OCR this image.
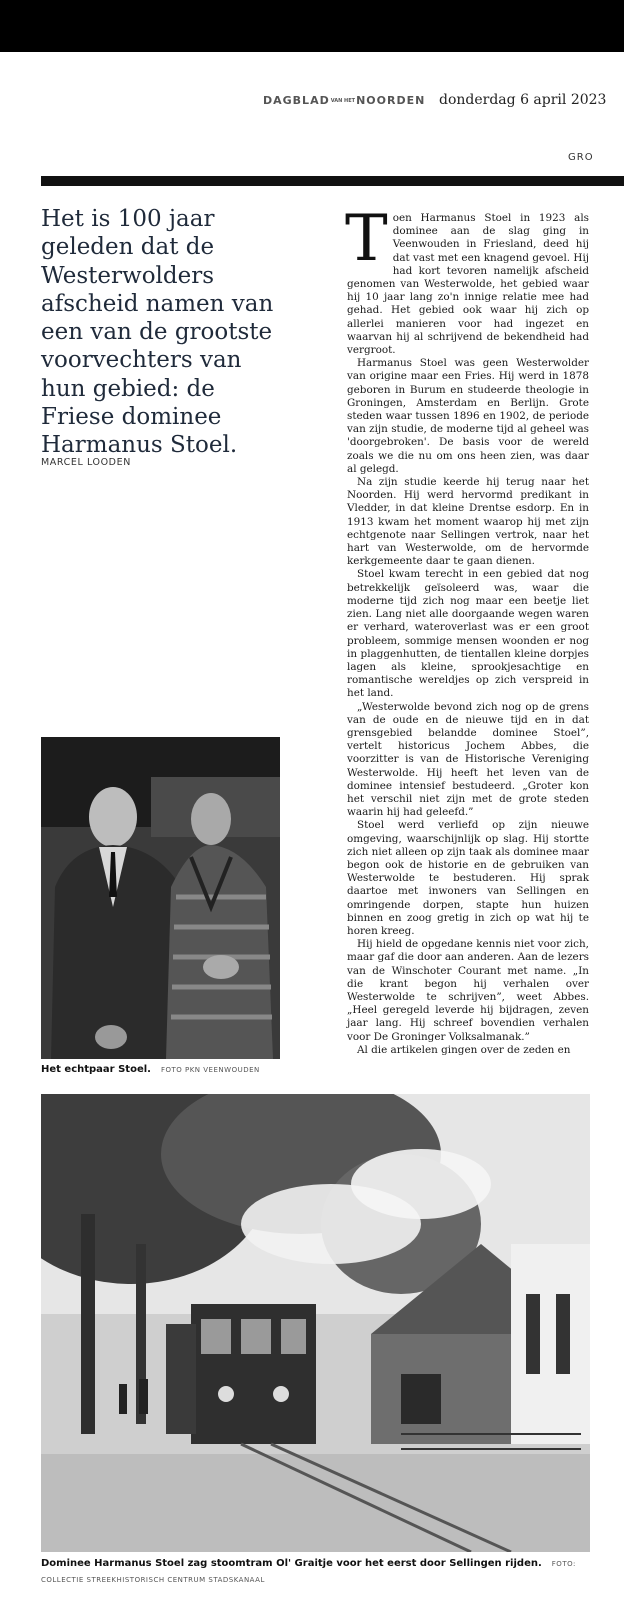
DAGBLADVAN HETNOORDEN donderdag 6 april 2023
GRO
Het is 100 jaar geleden dat de Westerwolders afscheid namen van een van de grootste voorvechters van hun gebied: de Friese dominee Harmanus Stoel.
MARCEL LOODEN

Toen Harmanus Stoel in 1923 als dominee aan de slag ging in Veenwouden in Friesland, deed hij dat vast met een knagend gevoel. Hij had kort tevoren namelijk afscheid genomen van Westerwolde, het gebied waar hij 10 jaar lang zo'n innige relatie mee had gehad. Het gebied ook waar hij zich op allerlei manieren voor had ingezet en waarvan hij al schrijvend de bekendheid had vergroot.

Harmanus Stoel was geen Westerwolder van origine maar een Fries. Hij werd in 1878 geboren in Burum en studeerde theologie in Groningen, Amsterdam en Berlijn. Grote steden waar tussen 1896 en 1902, de periode van zijn studie, de moderne tijd al geheel was 'doorgebroken'. De basis voor de wereld zoals we die nu om ons heen zien, was daar al gelegd.

Na zijn studie keerde hij terug naar het Noorden. Hij werd hervormd predikant in Vledder, in dat kleine Drentse esdorp. En in 1913 kwam het moment waarop hij met zijn echtgenote naar Sellingen vertrok, naar het hart van Westerwolde, om de hervormde kerkgemeente daar te gaan dienen.

Stoel kwam terecht in een gebied dat nog betrekkelijk geïsoleerd was, waar die moderne tijd zich nog maar een beetje liet zien. Lang niet alle doorgaande wegen waren er verhard, wateroverlast was er een groot probleem, sommige mensen woonden er nog in plaggenhutten, de tientallen kleine dorpjes lagen als kleine, sprookjesachtige en romantische wereldjes op zich verspreid in het land.

„Westerwolde bevond zich nog op de grens van de oude en de nieuwe tijd en in dat grensgebied belandde dominee Stoel”, vertelt historicus Jochem Abbes, die voorzitter is van de Historische Vereniging Westerwolde. Hij heeft het leven van de dominee intensief bestudeerd. „Groter kon het verschil niet zijn met de grote steden waarin hij had geleefd.”

Stoel werd verliefd op zijn nieuwe omgeving, waarschijnlijk op slag. Hij stortte zich niet alleen op zijn taak als dominee maar begon ook de historie en de gebruiken van Westerwolde te bestuderen. Hij sprak daartoe met inwoners van Sellingen en omringende dorpen, stapte hun huizen binnen en zoog gretig in zich op wat hij te horen kreeg.

Hij hield de opgedane kennis niet voor zich, maar gaf die door aan anderen. Aan de lezers van de Winschoter Courant met name. „In die krant begon hij verhalen over Westerwolde te schrijven”, weet Abbes. „Heel geregeld leverde hij bijdragen, zeven jaar lang. Hij schreef bovendien verhalen voor De Groninger Volksalmanak.”

Al die artikelen gingen over de zeden en

Het echtpaar Stoel. FOTO PKN VEENWOUDEN
Dominee Harmanus Stoel zag stoomtram Ol' Graitje voor het eerst door Sellingen rijden. FOTO: COLLECTIE STREEKHISTORISCH CENTRUM STADSKANAAL
